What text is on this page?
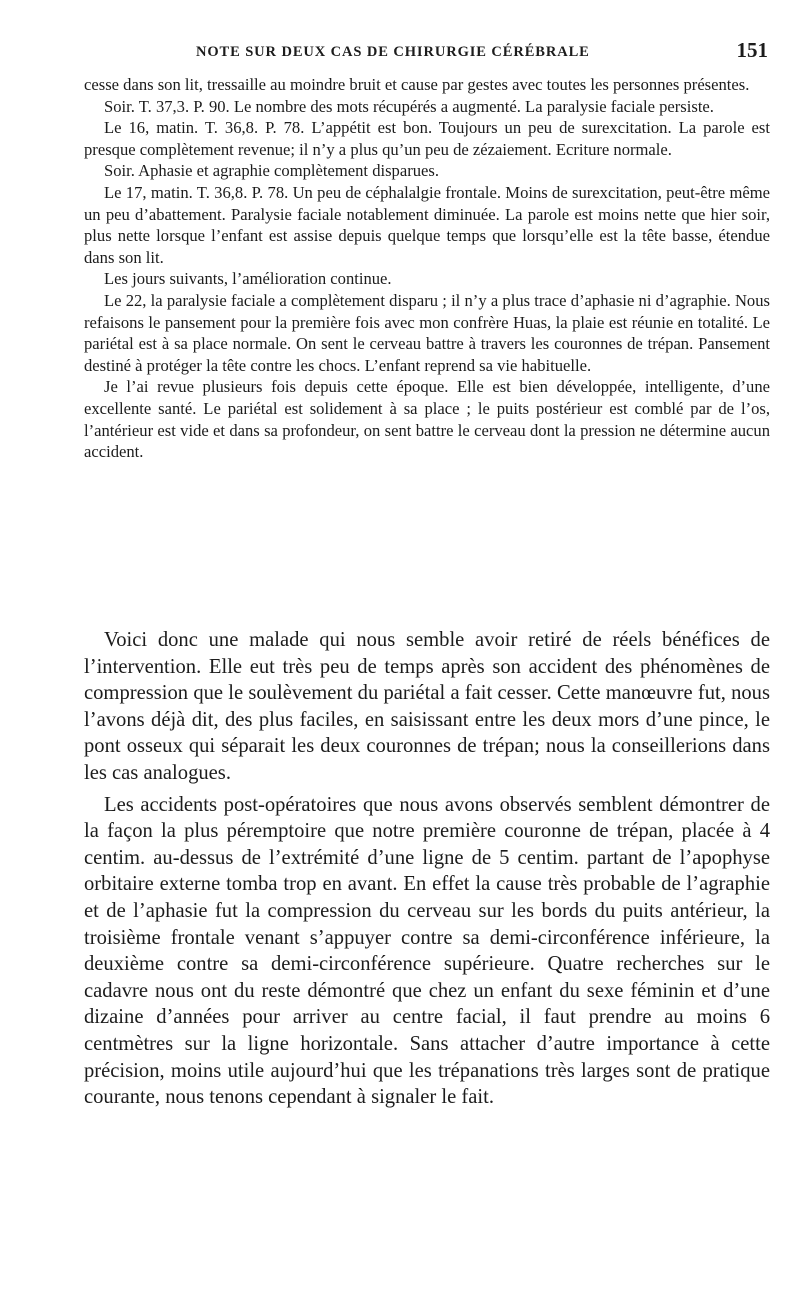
NOTE SUR DEUX CAS DE CHIRURGIE CÉRÉBRALE	151

cesse dans son lit, tressaille au moindre bruit et cause par gestes avec toutes les personnes présentes.

Soir. T. 37,3. P. 90. Le nombre des mots récupérés a augmenté. La paralysie faciale persiste.

Le 16, matin. T. 36,8. P. 78. L’appétit est bon. Toujours un peu de surexcitation. La parole est presque complètement revenue; il n’y a plus qu’un peu de zézaiement. Ecriture normale.

Soir. Aphasie et agraphie complètement disparues.

Le 17, matin. T. 36,8. P. 78. Un peu de céphalalgie frontale. Moins de surexcitation, peut-être même un peu d’abattement. Paralysie faciale notablement diminuée. La parole est moins nette que hier soir, plus nette lorsque l’enfant est assise depuis quelque temps que lorsqu’elle est la tête basse, étendue dans son lit.

Les jours suivants, l’amélioration continue.

Le 22, la paralysie faciale a complètement disparu ; il n’y a plus trace d’aphasie ni d’agraphie. Nous refaisons le pansement pour la première fois avec mon confrère Huas, la plaie est réunie en totalité. Le pariétal est à sa place normale. On sent le cerveau battre à travers les couronnes de trépan. Pansement destiné à protéger la tête contre les chocs. L’enfant reprend sa vie habituelle.

Je l’ai revue plusieurs fois depuis cette époque. Elle est bien développée, intelligente, d’une excellente santé. Le pariétal est solidement à sa place ; le puits postérieur est comblé par de l’os, l’antérieur est vide et dans sa profondeur, on sent battre le cerveau dont la pression ne détermine aucun accident.

Voici donc une malade qui nous semble avoir retiré de réels bénéfices de l’intervention. Elle eut très peu de temps après son accident des phénomènes de compression que le soulèvement du pariétal a fait cesser. Cette manœuvre fut, nous l’avons déjà dit, des plus faciles, en saisissant entre les deux mors d’une pince, le pont osseux qui séparait les deux couronnes de trépan; nous la conseillerions dans les cas analogues.

Les accidents post-opératoires que nous avons observés semblent démontrer de la façon la plus péremptoire que notre première couronne de trépan, placée à 4 centim. au-dessus de l’extrémité d’une ligne de 5 centim. partant de l’apophyse orbitaire externe tomba trop en avant. En effet la cause très probable de l’agraphie et de l’aphasie fut la compression du cerveau sur les bords du puits antérieur, la troisième frontale venant s’appuyer contre sa demi-circonférence inférieure, la deuxième contre sa demi-circonférence supérieure. Quatre recherches sur le cadavre nous ont du reste démontré que chez un enfant du sexe féminin et d’une dizaine d’années pour arriver au centre facial, il faut prendre au moins 6 centmètres sur la ligne horizontale. Sans attacher d’autre importance à cette précision, moins utile aujourd’hui que les trépanations très larges sont de pratique courante, nous tenons cependant à signaler le fait.
